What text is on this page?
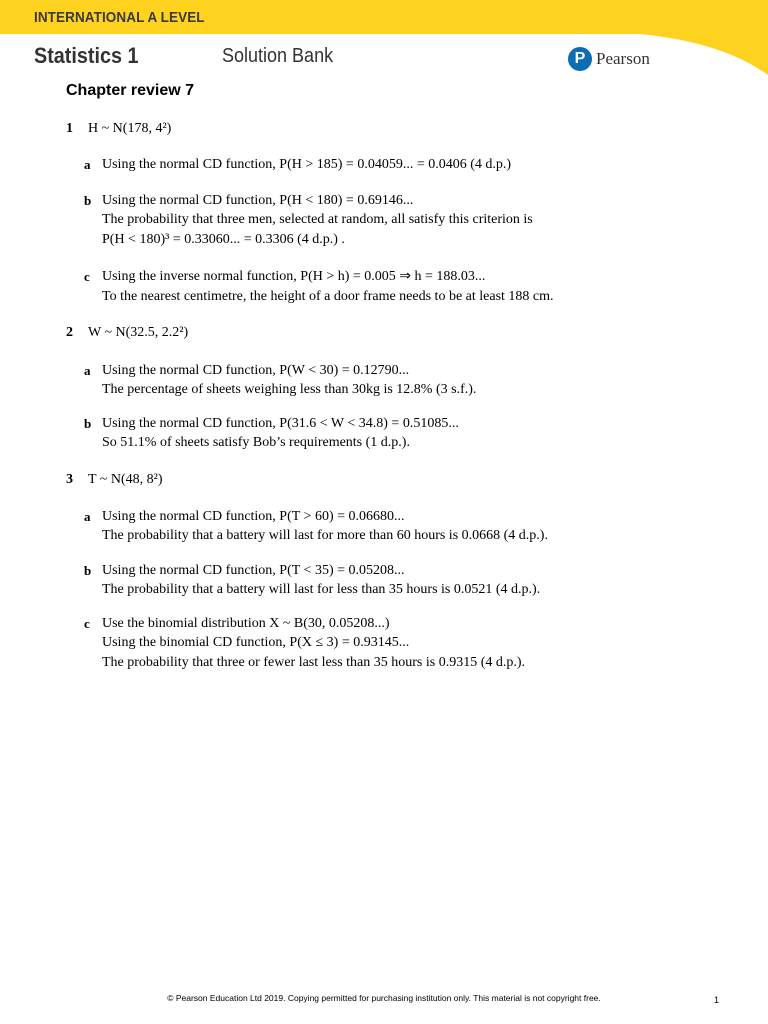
INTERNATIONAL A LEVEL
Statistics 1	Solution Bank	P Pearson
Chapter review 7
1 H ~ N(178, 4²)
a Using the normal CD function, P(H > 185) = 0.04059... = 0.0406 (4 d.p.)
b Using the normal CD function, P(H < 180) = 0.69146...
The probability that three men, selected at random, all satisfy this criterion is
P(H < 180)³ = 0.33060... = 0.3306 (4 d.p.) .
c Using the inverse normal function, P(H > h) = 0.005 ⇒ h = 188.03...
To the nearest centimetre, the height of a door frame needs to be at least 188 cm.
2 W ~ N(32.5, 2.2²)
a Using the normal CD function, P(W < 30) = 0.12790...
The percentage of sheets weighing less than 30kg is 12.8% (3 s.f.).
b Using the normal CD function, P(31.6 < W < 34.8) = 0.51085...
So 51.1% of sheets satisfy Bob’s requirements (1 d.p.).
3 T ~ N(48, 8²)
a Using the normal CD function, P(T > 60) = 0.06680...
The probability that a battery will last for more than 60 hours is 0.0668 (4 d.p.).
b Using the normal CD function, P(T < 35) = 0.05208...
The probability that a battery will last for less than 35 hours is 0.0521 (4 d.p.).
c Use the binomial distribution X ~ B(30, 0.05208...)
Using the binomial CD function, P(X ≤ 3) = 0.93145...
The probability that three or fewer last less than 35 hours is 0.9315 (4 d.p.).
© Pearson Education Ltd 2019. Copying permitted for purchasing institution only. This material is not copyright free.	1
